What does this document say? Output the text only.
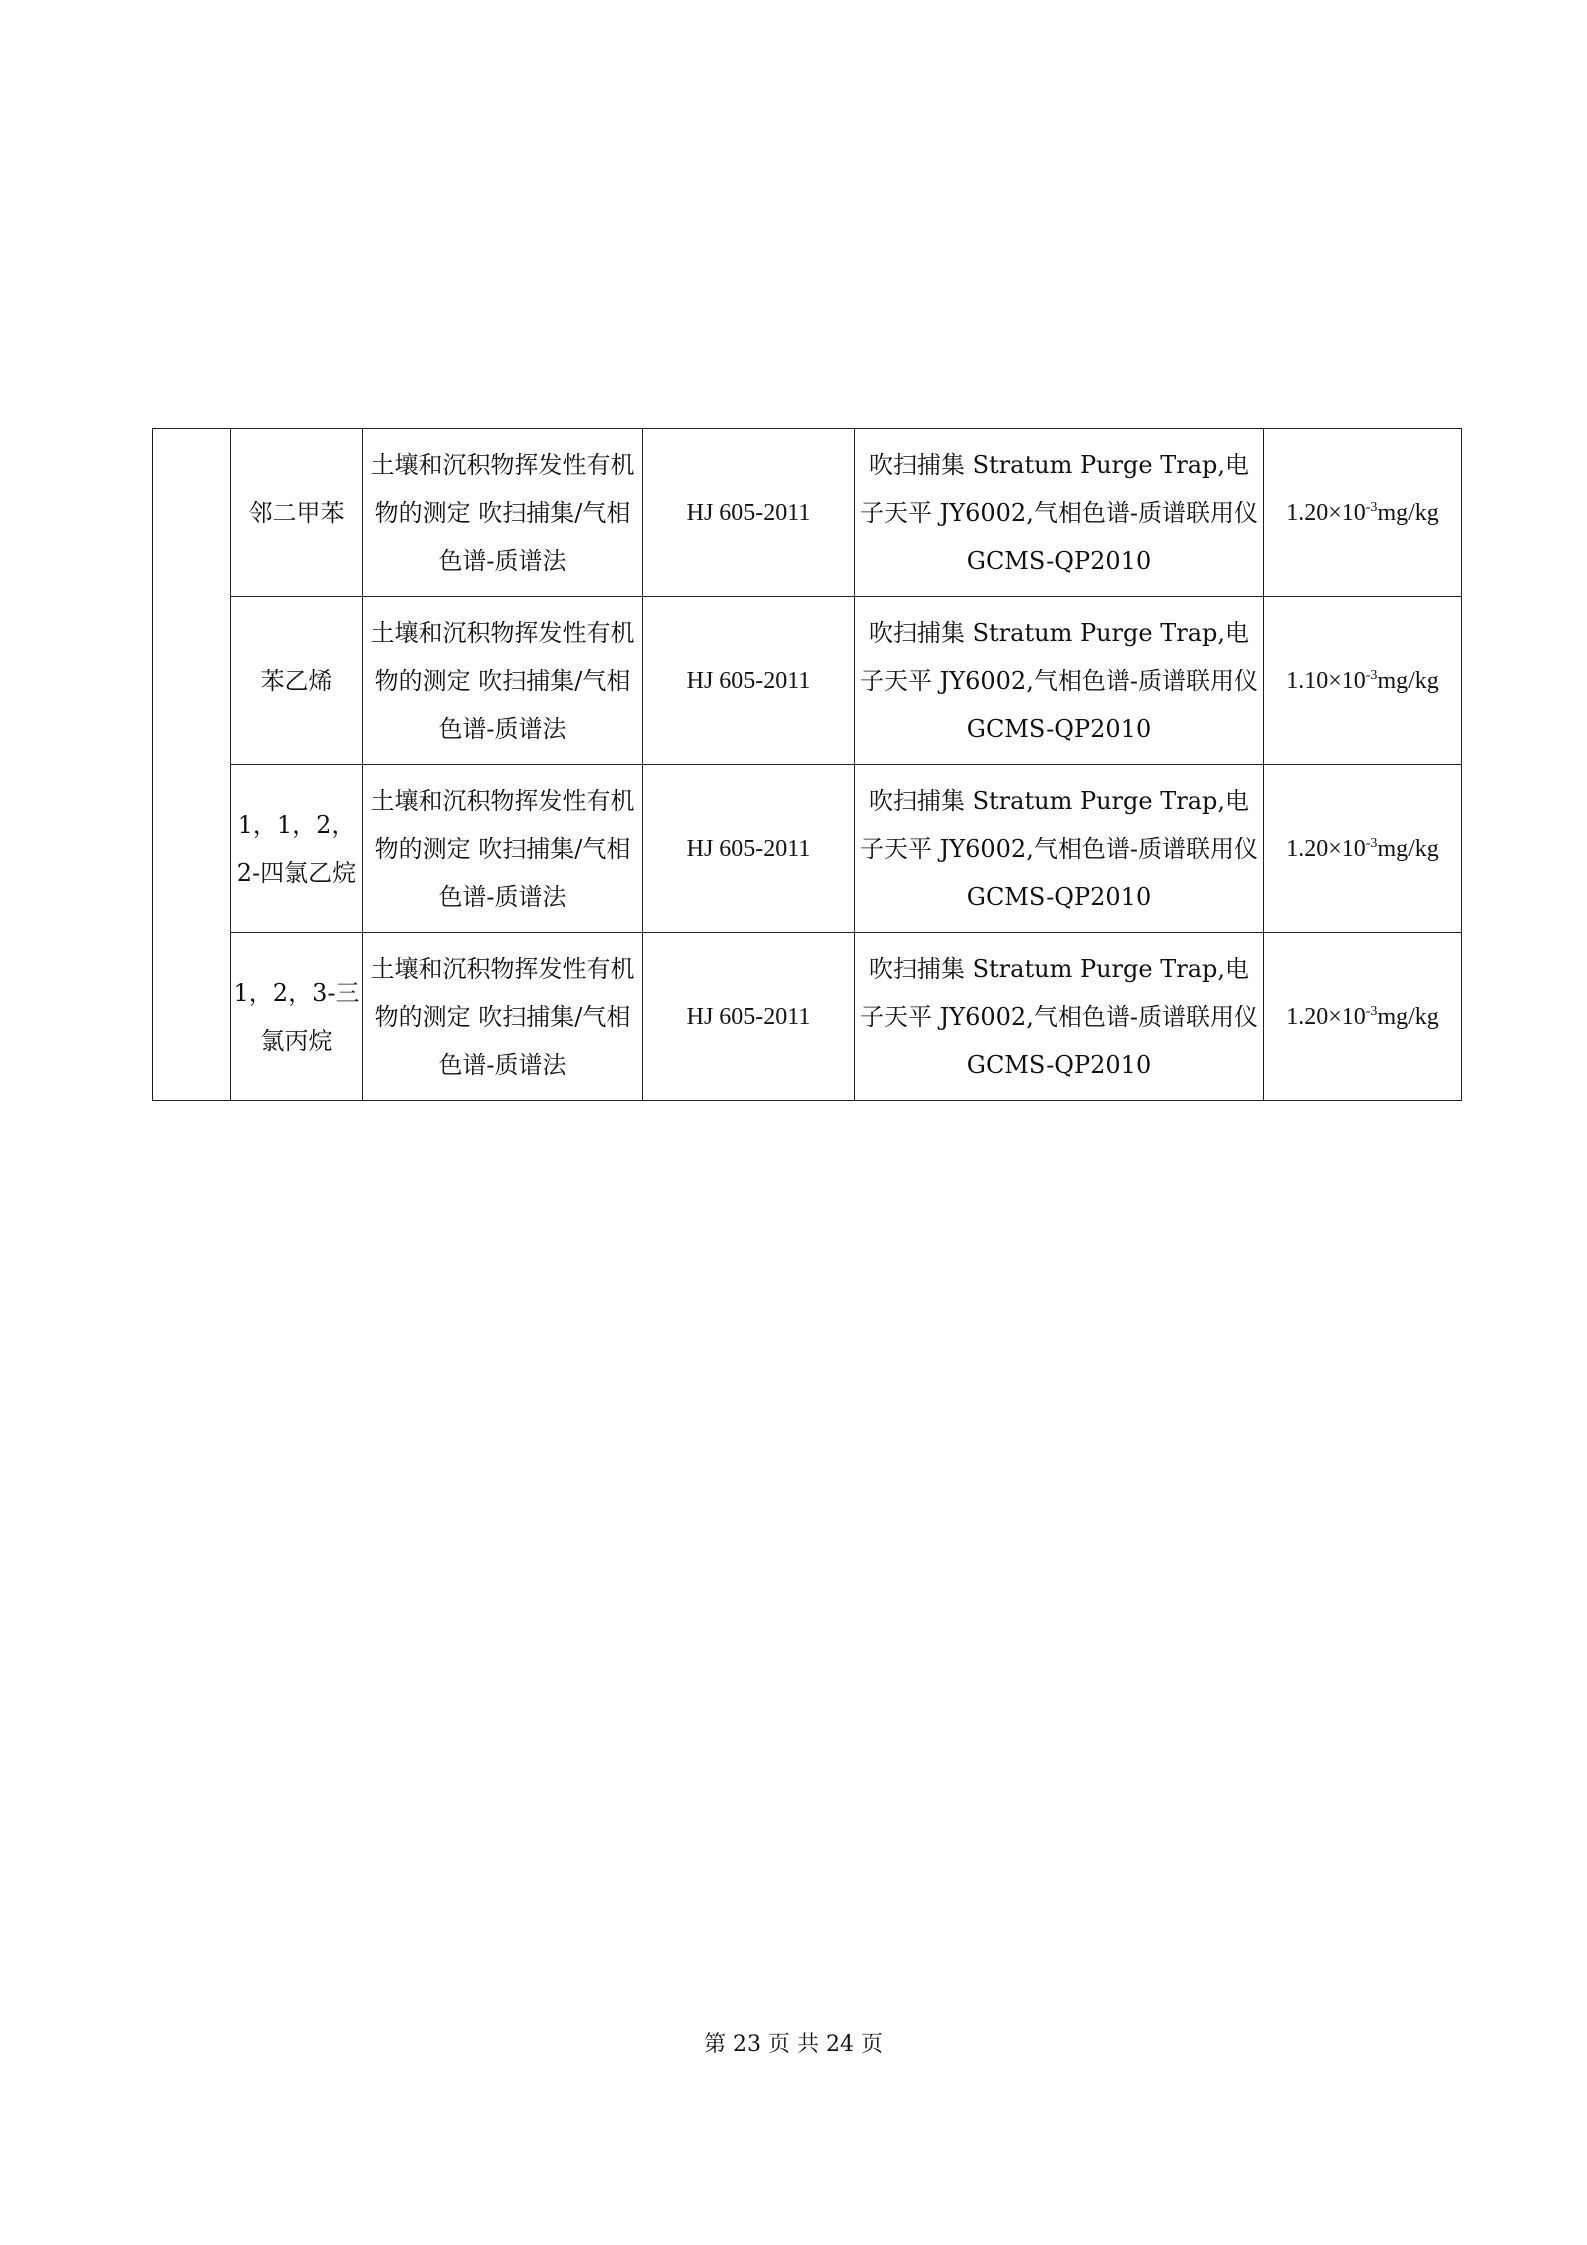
	邻二甲苯	土壤和沉积物挥发性有机物的测定 吹扫捕集/气相色谱-质谱法	HJ 605-2011	吹扫捕集 Stratum Purge Trap,电子天平 JY6002,气相色谱-质谱联用仪 GCMS-QP2010	$1.20\times 10^{-3}mg/kg$
	苯乙烯	土壤和沉积物挥发性有机物的测定 吹扫捕集/气相色谱-质谱法	HJ 605-2011	吹扫捕集 Stratum Purge Trap,电子天平 JY6002,气相色谱-质谱联用仪 GCMS-QP2010	$1.10\times 10^{-3}mg/kg$
	1，1，2，2-四氯乙烷	土壤和沉积物挥发性有机物的测定 吹扫捕集/气相色谱-质谱法	HJ 605-2011	吹扫捕集 Stratum Purge Trap,电子天平 JY6002,气相色谱-质谱联用仪 GCMS-QP2010	$1.20\times 10^{-3}mg/kg$
	1，2，3-三氯丙烷	土壤和沉积物挥发性有机物的测定 吹扫捕集/气相色谱-质谱法	HJ 605-2011	吹扫捕集 Stratum Purge Trap,电子天平 JY6002,气相色谱-质谱联用仪 GCMS-QP2010	$1.20\times 10^{-3}mg/kg$
第 23 页 共 24 页
